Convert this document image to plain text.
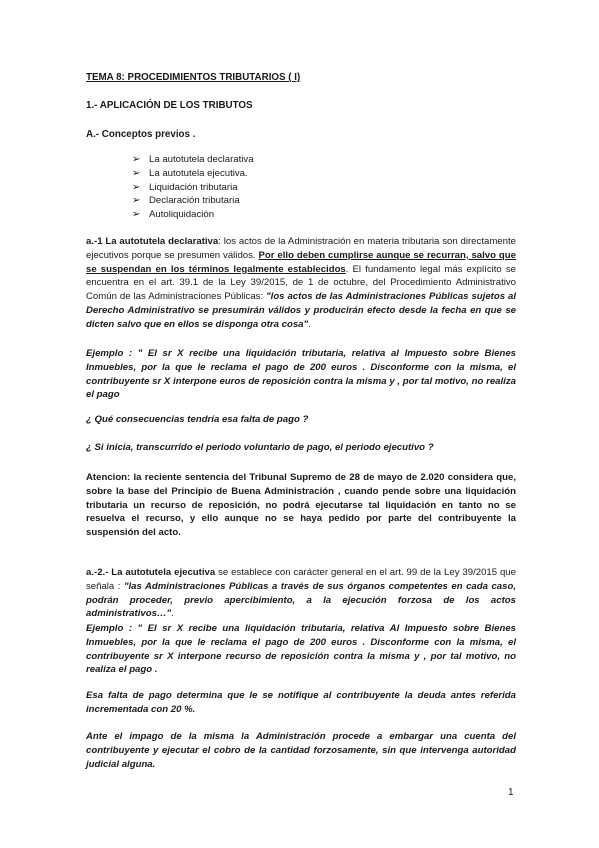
TEMA 8: PROCEDIMIENTOS TRIBUTARIOS ( I)
1.- APLICACIÓN DE LOS TRIBUTOS
A.- Conceptos previos .
➢ La autotutela declarativa
➢ La autotutela ejecutiva.
➢ Liquidación tributaria
➢ Declaración tributaria
➢ Autoliquidación
a.-1 La autotutela declarativa: los actos de la Administración en materia tributaria son directamente ejecutivos porque se presumen válidos. Por ello deben cumplirse aunque se recurran, salvo que se suspendan en los términos legalmente establecidos. El fundamento legal más explícito se encuentra en el art. 39.1 de la Ley 39/2015, de 1 de octubre, del Procedimiento Administrativo Común de las Administraciones Públicas: "los actos de las Administraciones Públicas sujetos al Derecho Administrativo se presumirán válidos y producirán efecto desde la fecha en que se dicten salvo que en ellos se disponga otra cosa".
Ejemplo : " El sr X recibe una liquidación tributaria, relativa al Impuesto sobre Bienes Inmuebles, por la que le reclama el pago de 200 euros . Disconforme con la misma, el contribuyente sr X interpone euros de reposición contra la misma y , por tal motivo, no realiza el pago
¿ Qué consecuencias tendría esa falta de pago ?
¿ Si inicia, transcurrido el periodo voluntario de pago, el periodo ejecutivo ?
Atencion: la reciente sentencia del Tribunal Supremo de 28 de mayo de 2.020 considera que, sobre la base del Principio de Buena Administración , cuando pende sobre una liquidación tributaria un recurso de reposición, no podrá ejecutarse tal liquidación en tanto no se resuelva el recurso, y ello aunque no se haya pedido por parte del contribuyente la suspensión del acto.
a.-2.- La autotutela ejecutiva se establece con carácter general en el art. 99 de la Ley 39/2015 que señala : "las Administraciones Públicas a través de sus órganos competentes en cada caso, podrán proceder, previo apercibimiento, a la ejecución forzosa de los actos administrativos…".
Ejemplo : " El sr X recibe una liquidación tributaria, relativa Al Impuesto sobre Bienes Inmuebles, por la que le reclama el pago de 200 euros . Disconforme con la misma, el contribuyente sr X interpone recurso de reposición contra la misma y , por tal motivo, no realiza el pago .
Esa falta de pago determina que le se notifique al contribuyente la deuda antes referida incrementada con 20 %.
Ante el impago de la misma la Administración procede a embargar una cuenta del contribuyente y ejecutar el cobro de la cantidad forzosamente, sin que intervenga autoridad judicial alguna.
1
